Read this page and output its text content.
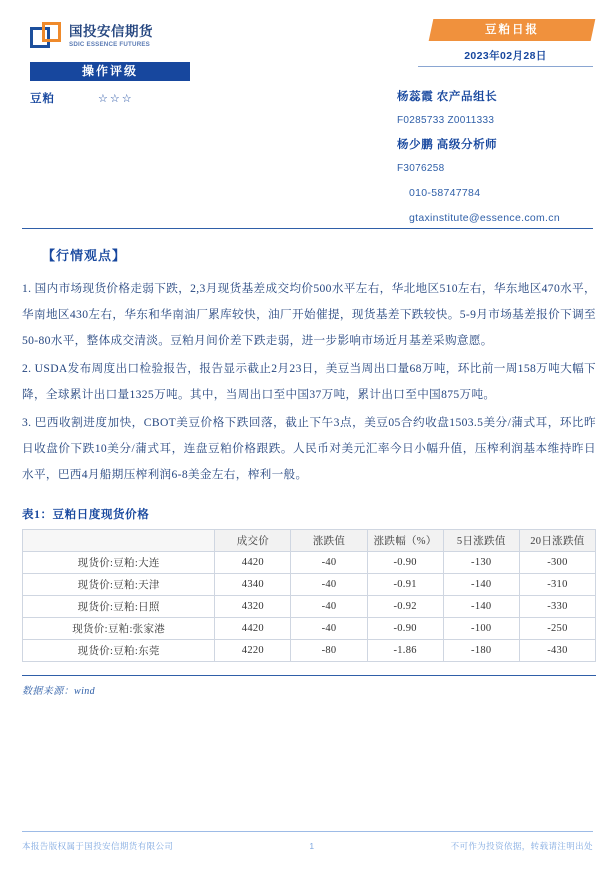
国投安信期货
SDIC ESSENCE FUTURES
操作评级
豆粕	☆☆☆
豆粕日报
2023年02月28日
杨蕊霞 农产品组长
F0285733 Z0011333
杨少鹏 高级分析师
F3076258
010-58747784
gtaxinstitute@essence.com.cn
【行情观点】

1. 国内市场现货价格走弱下跌，2,3月现货基差成交均价500水平左右，华北地区510左右，华东地区470水平，华南地区430左右，华东和华南油厂累库较快，油厂开始催提，现货基差下跌较快。5-9月市场基差报价下调至50-80水平，整体成交清淡。豆粕月间价差下跌走弱，进一步影响市场近月基差采购意愿。

2. USDA发布周度出口检验报告，报告显示截止2月23日，美豆当周出口量68万吨，环比前一周158万吨大幅下降，全球累计出口量1325万吨。其中，当周出口至中国37万吨，累计出口至中国875万吨。

3. 巴西收割进度加快，CBOT美豆价格下跌回落，截止下午3点，美豆05合约收盘1503.5美分/蒲式耳，环比昨日收盘价下跌10美分/蒲式耳，连盘豆粕价格跟跌。人民币对美元汇率今日小幅升值，压榨利润基本维持昨日水平，巴西4月船期压榨利润6-8美金左右，榨利一般。

表1：豆粕日度现货价格
	成交价	涨跌值	涨跌幅（%）	5日涨跌值	20日涨跌值
现货价:豆粕:大连	4420	-40	-0.90	-130	-300
现货价:豆粕:天津	4340	-40	-0.91	-140	-310
现货价:豆粕:日照	4320	-40	-0.92	-140	-330
现货价:豆粕:张家港	4420	-40	-0.90	-100	-250
现货价:豆粕:东莞	4220	-80	-1.86	-180	-430
数据来源：wind
本报告版权属于国投安信期货有限公司	1	不可作为投资依据，转载请注明出处
